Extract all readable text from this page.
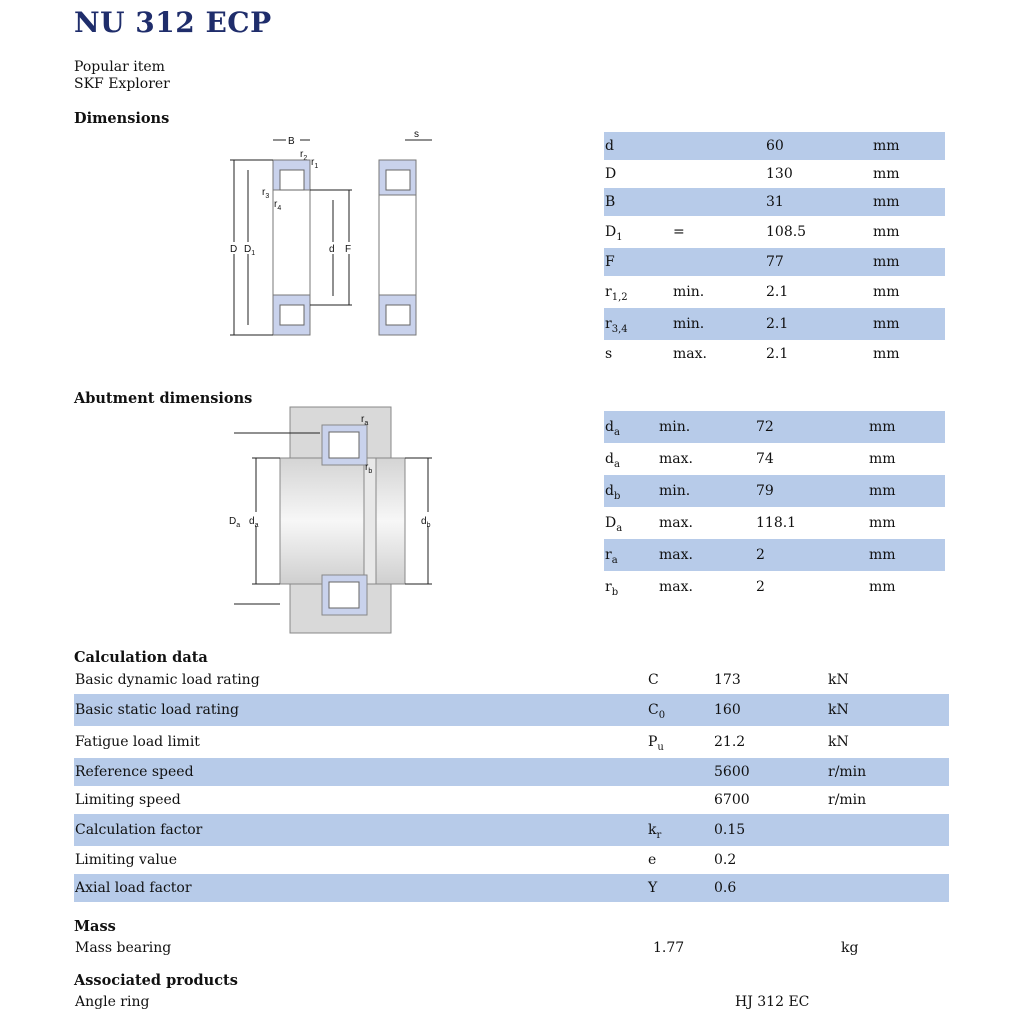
NU 312 ECP
Popular item
SKF Explorer
Dimensions
D $D_1$	d F
B
s
$r_2$ $r_1$
$r_3$
$r_4$
d		60	mm
D		130	mm
B		31	mm
$D_1$	=	108.5	mm
F		77	mm
$r_{1,2}$	min.	2.1	mm
$r_{3,4}$	min.	2.1	mm
s	max.	2.1	mm
Abutment dimensions
$D_a$ $d_a$	$d_b$
$r_a$
$r_b$
$d_a$	min.	72	mm
$d_a$	max.	74	mm
$d_b$	min.	79	mm
$D_a$	max.	118.1	mm
$r_a$	max.	2	mm
$r_b$	max.	2	mm
Calculation data
Basic dynamic load rating	C	173	kN
Basic static load rating	$C_0$	160	kN
Fatigue load limit	$P_u$	21.2	kN
Reference speed		5600	r/min
Limiting speed		6700	r/min
Calculation factor	$k_r$	0.15	
Limiting value	e	0.2	
Axial load factor	Y	0.6	
Mass
Mass bearing	1.77	kg
Associated products
Angle ring	HJ 312 EC
